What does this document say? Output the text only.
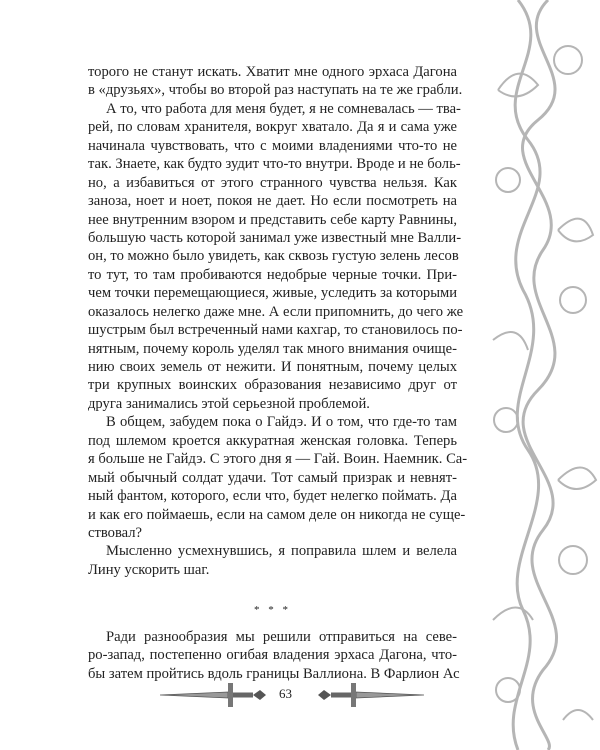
торого не станут искать. Хватит мне одного эрхаса Дагона
в «друзьях», чтобы во второй раз наступать на те же грабли.
А то, что работа для меня будет, я не сомневалась — тва-
рей, по словам хранителя, вокруг хватало. Да я и сама уже
начинала чувствовать, что с моими владениями что-то не
так. Знаете, как будто зудит что-то внутри. Вроде и не боль-
но, а избавиться от этого странного чувства нельзя. Как
заноза, ноет и ноет, покоя не дает. Но если посмотреть на
нее внутренним взором и представить себе карту Равнины,
большую часть которой занимал уже известный мне Валли-
он, то можно было увидеть, как сквозь густую зелень лесов
то тут, то там пробиваются недобрые черные точки. При-
чем точки перемещающиеся, живые, уследить за которыми
оказалось нелегко даже мне. А если припомнить, до чего же
шустрым был встреченный нами кахгар, то становилось по-
нятным, почему король уделял так много внимания очище-
нию своих земель от нежити. И понятным, почему целых
три крупных воинских образования независимо друг от
друга занимались этой серьезной проблемой.
В общем, забудем пока о Гайдэ. И о том, что где-то там
под шлемом кроется аккуратная женская головка. Теперь
я больше не Гайдэ. С этого дня я — Гай. Воин. Наемник. Са-
мый обычный солдат удачи. Тот самый призрак и невнят-
ный фантом, которого, если что, будет нелегко поймать. Да
и как его поймаешь, если на самом деле он никогда не суще-
ствовал?
Мысленно усмехнувшись, я поправила шлем и велела
Лину ускорить шаг.
* * *
Ради разнообразия мы решили отправиться на севе-
ро-запад, постепенно огибая владения эрхаса Дагона, что-
бы затем пройтись вдоль границы Валлиона. В Фарлион Ас
63
